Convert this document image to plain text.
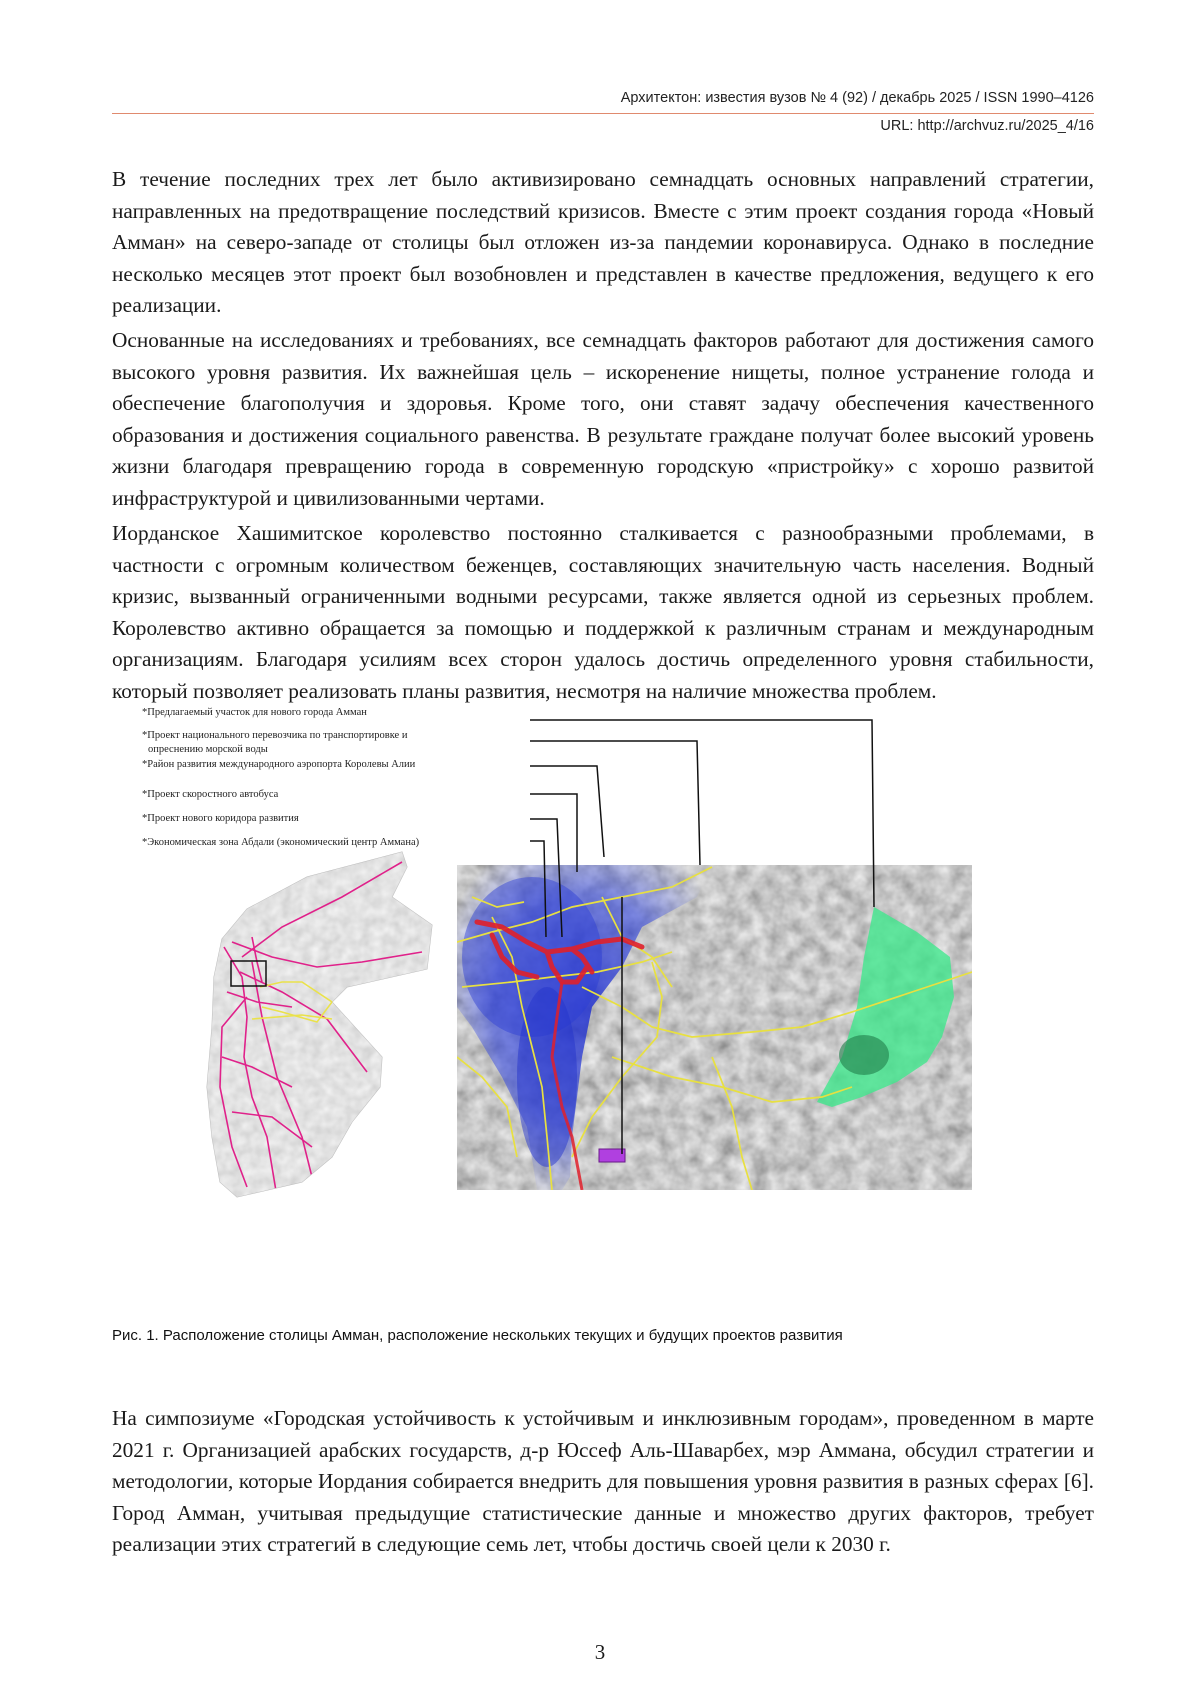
Архитектон: известия вузов № 4 (92) / декабрь 2025 / ISSN 1990–4126
URL: http://archvuz.ru/2025_4/16

В течение последних трех лет было активизировано семнадцать основных направлений стратегии, направленных на предотвращение последствий кризисов. Вместе с этим проект создания города «Новый Амман» на северо-западе от столицы был отложен из-за пандемии коронавируса. Однако в последние несколько месяцев этот проект был возобновлен и представлен в качестве предложения, ведущего к его реализации.

Основанные на исследованиях и требованиях, все семнадцать факторов работают для достижения самого высокого уровня развития. Их важнейшая цель – искоренение нищеты, полное устранение голода и обеспечение благополучия и здоровья. Кроме того, они ставят задачу обеспечения качественного образования и достижения социального равенства. В результате граждане получат более высокий уровень жизни благодаря превращению города в современную городскую «пристройку» с хорошо развитой инфраструктурой и цивилизованными чертами.

Иорданское Хашимитское королевство постоянно сталкивается с разнообразными проблемами, в частности с огромным количеством беженцев, составляющих значительную часть населения. Водный кризис, вызванный ограниченными водными ресурсами, также является одной из серьезных проблем. Королевство активно обращается за помощью и поддержкой к различным странам и международным организациям. Благодаря усилиям всех сторон удалось достичь определенного уровня стабильности, который позволяет реализовать планы развития, несмотря на наличие множества проблем.

*Предлагаемый участок для нового города Амман
*Проект национального перевозчика по транспортировке и
опреснению морской воды
*Район развития международного аэропорта Королевы Алии
*Проект скоростного автобуса
*Проект нового коридора развития
*Экономическая зона Абдали (экономический центр Аммана)
Рис. 1. Расположение столицы Амман, расположение нескольких текущих и будущих проектов развития

На симпозиуме «Городская устойчивость к устойчивым и инклюзивным городам», проведенном в марте 2021 г. Организацией арабских государств, д-р Юссеф Аль-Шаварбех, мэр Аммана, обсудил стратегии и методологии, которые Иордания собирается внедрить для повышения уровня развития в разных сферах [6]. Город Амман, учитывая предыдущие статистические данные и множество других факторов, требует реализации этих стратегий в следующие семь лет, чтобы достичь своей цели к 2030 г.

3
